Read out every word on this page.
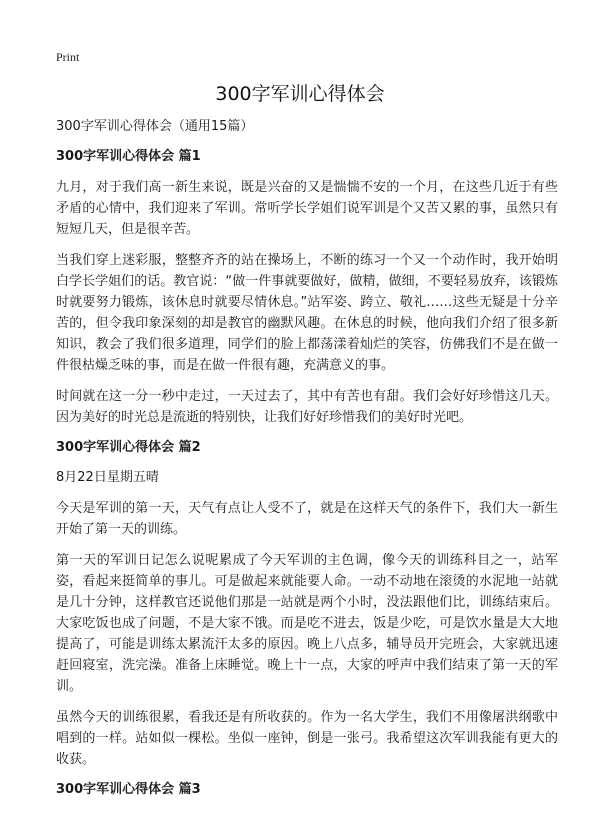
Print
300字军训心得体会
300字军训心得体会（通用15篇）
300字军训心得体会 篇1

九月，对于我们高一新生来说，既是兴奋的又是惴惴不安的一个月，在这些几近于有些矛盾的心情中，我们迎来了军训。常听学长学姐们说军训是个又苦又累的事，虽然只有短短几天，但是很辛苦。

当我们穿上迷彩服，整整齐齐的站在操场上，不断的练习一个又一个动作时，我开始明白学长学姐们的话。教官说：“做一件事就要做好，做精，做细，不要轻易放弃，该锻炼时就要努力锻炼，该休息时就要尽情休息。”站军姿、跨立、敬礼……这些无疑是十分辛苦的，但令我印象深刻的却是教官的幽默风趣。在休息的时候，他向我们介绍了很多新知识，教会了我们很多道理，同学们的脸上都荡漾着灿烂的笑容，仿佛我们不是在做一件很枯燥乏味的事，而是在做一件很有趣，充满意义的事。

时间就在这一分一秒中走过，一天过去了，其中有苦也有甜。我们会好好珍惜这几天。因为美好的时光总是流逝的特别快，让我们好好珍惜我们的美好时光吧。

300字军训心得体会 篇2
8月22日星期五晴

今天是军训的第一天，天气有点让人受不了，就是在这样天气的条件下，我们大一新生开始了第一天的训练。

第一天的军训日记怎么说呢累成了今天军训的主色调，像今天的训练科目之一，站军姿，看起来挺简单的事儿。可是做起来就能要人命。一动不动地在滚烫的水泥地一站就是几十分钟，这样教官还说他们那是一站就是两个小时，没法跟他们比，训练结束后。大家吃饭也成了问题，不是大家不饿。而是吃不进去，饭是少吃，可是饮水量是大大地提高了，可能是训练太累流汗太多的原因。晚上八点多，辅导员开完班会，大家就迅速赶回寝室，洗完澡。准备上床睡觉。晚上十一点，大家的呼声中我们结束了第一天的军训。

虽然今天的训练很累，看我还是有所收获的。作为一名大学生，我们不用像屠洪纲歌中唱到的一样。站如似一棵松。坐似一座钟，倒是一张弓。我希望这次军训我能有更大的收获。

300字军训心得体会 篇3
